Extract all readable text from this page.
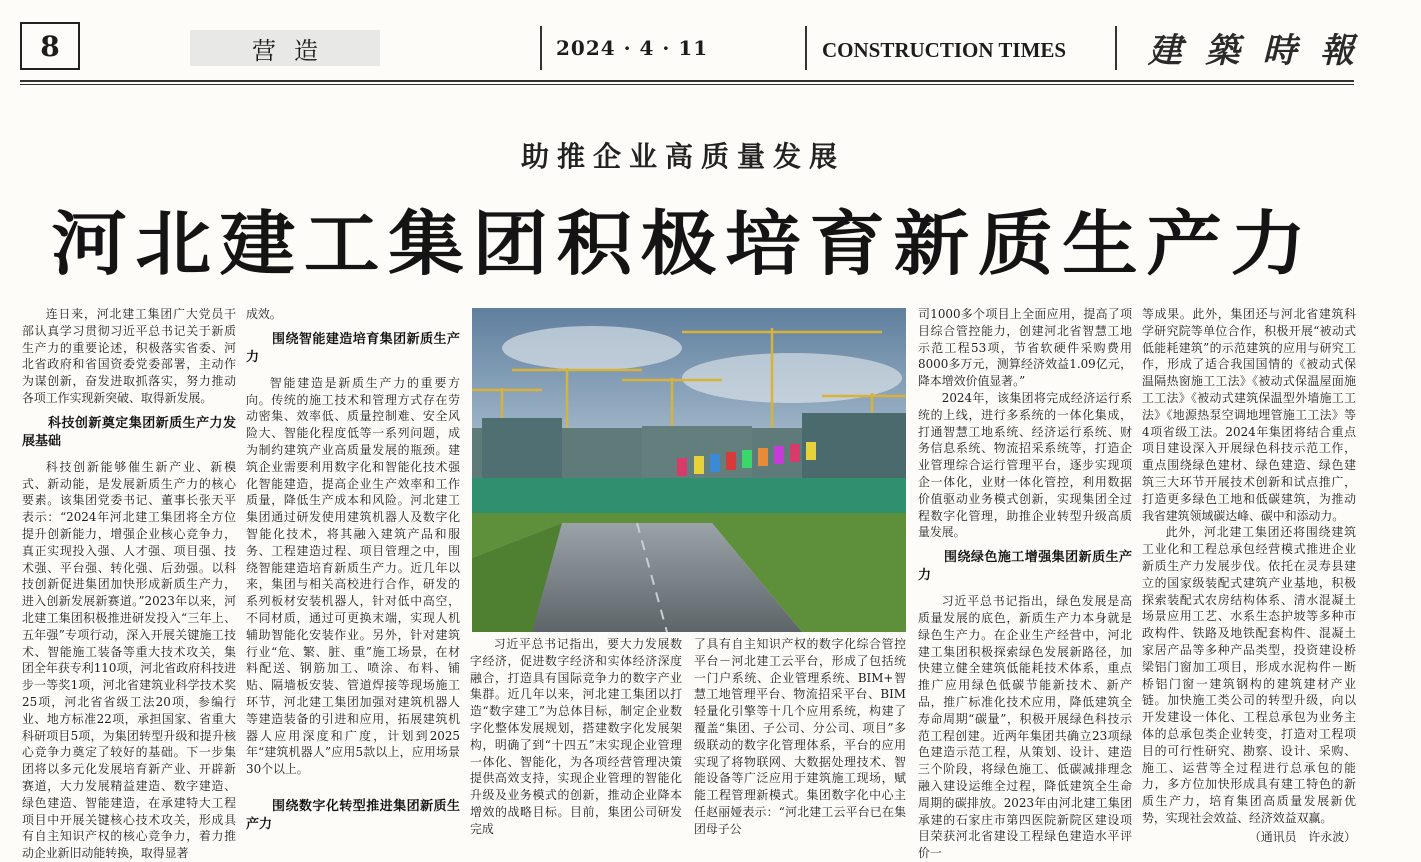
8	营造	2024 · 4 · 11	CONSTRUCTION TIMES 建 築 時 報
助推企业高质量发展
河北建工集团积极培育新质生产力

连日来，河北建工集团广大党员干部认真学习贯彻习近平总书记关于新质生产力的重要论述，积极落实省委、河北省政府和省国资委党委部署，主动作为谋创新，奋发进取抓落实，努力推动各项工作实现新突破、取得新发展。

科技创新奠定集团新质生产力发展基础

科技创新能够催生新产业、新模式、新动能，是发展新质生产力的核心要素。该集团党委书记、董事长张天平表示：“2024年河北建工集团将全方位提升创新能力，增强企业核心竞争力，真正实现投入强、人才强、项目强、技术强、平台强、转化强、后劲强。以科技创新促进集团加快形成新质生产力，进入创新发展新赛道。”2023年以来，河北建工集团积极推进研发投入“三年上、五年强”专项行动，深入开展关键施工技术、智能施工装备等重大技术攻关，集团全年获专利110项，河北省政府科技进步一等奖1项，河北省建筑业科学技术奖25项，河北省省级工法20项，参编行业、地方标准22项，承担国家、省重大科研项目5项，为集团转型升级和提升核心竞争力奠定了较好的基础。下一步集团将以多元化发展培育新产业、开辟新赛道，大力发展精益建造、数字建造、绿色建造、智能建造，在承建特大工程项目中开展关键核心技术攻关，形成具有自主知识产权的核心竞争力，着力推动企业新旧动能转换，取得显著

成效。

围绕智能建造培育集团新质生产力

智能建造是新质生产力的重要方向。传统的施工技术和管理方式存在劳动密集、效率低、质量控制难、安全风险大、智能化程度低等一系列问题，成为制约建筑产业高质量发展的瓶颈。建筑企业需要利用数字化和智能化技术强化智能建造，提高企业生产效率和工作质量，降低生产成本和风险。河北建工集团通过研发使用建筑机器人及数字化智能化技术，将其融入建筑产品和服务、工程建造过程、项目管理之中，围绕智能建造培育新质生产力。近几年以来，集团与相关高校进行合作，研发的系列板材安装机器人，针对低中高空，不同材质，通过可更换末端，实现人机辅助智能化安装作业。另外，针对建筑行业“危、繁、脏、重”施工场景，在材料配送、钢筋加工、喷涂、布料、铺贴、隔墙板安装、管道焊接等现场施工环节，河北建工集团加强对建筑机器人等建造装备的引进和应用，拓展建筑机器人应用深度和广度，计划到2025年“建筑机器人”应用5款以上，应用场景30个以上。

围绕数字化转型推进集团新质生产力

习近平总书记指出，要大力发展数字经济，促进数字经济和实体经济深度融合，打造具有国际竞争力的数字产业集群。近几年以来，河北建工集团以打造“数字建工”为总体目标，制定企业数字化整体发展规划，搭建数字化发展架构，明确了到“十四五”末实现企业管理一体化、智能化，为各项经营管理决策提供高效支持，实现企业管理的智能化升级及业务模式的创新，推动企业降本增效的战略目标。目前，集团公司研发完成

了具有自主知识产权的数字化综合管控平台－河北建工云平台，形成了包括统一门户系统、企业管理系统、BIM+智慧工地管理平台、物流招采平台、BIM轻量化引擎等十几个应用系统，构建了覆盖“集团、子公司、分公司、项目”多级联动的数字化管理体系，平台的应用实现了将物联网、大数据处理技术、智能设备等广泛应用于建筑施工现场，赋能工程管理新模式。集团数字化中心主任赵丽娅表示：“河北建工云平台已在集团母子公

司1000多个项目上全面应用，提高了项目综合管控能力，创建河北省智慧工地示范工程53项，节省软硬件采购费用8000多万元，测算经济效益1.09亿元，降本增效价值显著。”

2024年，该集团将完成经济运行系统的上线，进行多系统的一体化集成，打通智慧工地系统、经济运行系统、财务信息系统、物流招采系统等，打造企业管理综合运行管理平台，逐步实现项企一体化，业财一体化管控，利用数据价值驱动业务模式创新，实现集团全过程数字化管理，助推企业转型升级高质量发展。

围绕绿色施工增强集团新质生产力

习近平总书记指出，绿色发展是高质量发展的底色，新质生产力本身就是绿色生产力。在企业生产经营中，河北建工集团积极探索绿色发展新路径，加快建立健全建筑低能耗技术体系，重点推广应用绿色低碳节能新技术、新产品，推广标准化技术应用，降低建筑全寿命周期“碳量”，积极开展绿色科技示范工程创建。近两年集团共确立23项绿色建造示范工程，从策划、设计、建造三个阶段，将绿色施工、低碳减排理念融入建设运维全过程，降低建筑全生命周期的碳排放。2023年由河北建工集团承建的石家庄市第四医院新院区建设项目荣获河北省建设工程绿色建造水平评价一

等成果。此外，集团还与河北省建筑科学研究院等单位合作，积极开展“被动式低能耗建筑”的示范建筑的应用与研究工作，形成了适合我国国情的《被动式保温隔热窗施工工法》《被动式保温屋面施工工法》《被动式建筑保温型外墙施工工法》《地源热泵空调地埋管施工工法》等4项省级工法。2024年集团将结合重点项目建设深入开展绿色科技示范工作，重点围绕绿色建材、绿色建造、绿色建筑三大环节开展技术创新和试点推广，打造更多绿色工地和低碳建筑，为推动我省建筑领域碳达峰、碳中和添动力。

此外，河北建工集团还将围绕建筑工业化和工程总承包经营模式推进企业新质生产力发展步伐。依托在灵寿县建立的国家级装配式建筑产业基地，积极探索装配式农房结构体系、清水混凝土场景应用工艺、水系生态护坡等多种市政构件、铁路及地铁配套构件、混凝土家居产品等多种产品类型，投资建设桥梁铝门窗加工项目，形成水泥构件－断桥铝门窗一建筑钢构的建筑建材产业链。加快施工类公司的转型升级，向以开发建设一体化、工程总承包为业务主体的总承包类企业转变，打造对工程项目的可行性研究、勘察、设计、采购、施工、运营等全过程进行总承包的能力，多方位加快形成具有建工特色的新质生产力，培育集团高质量发展新优势，实现社会效益、经济效益双赢。

（通讯员　许永波）
